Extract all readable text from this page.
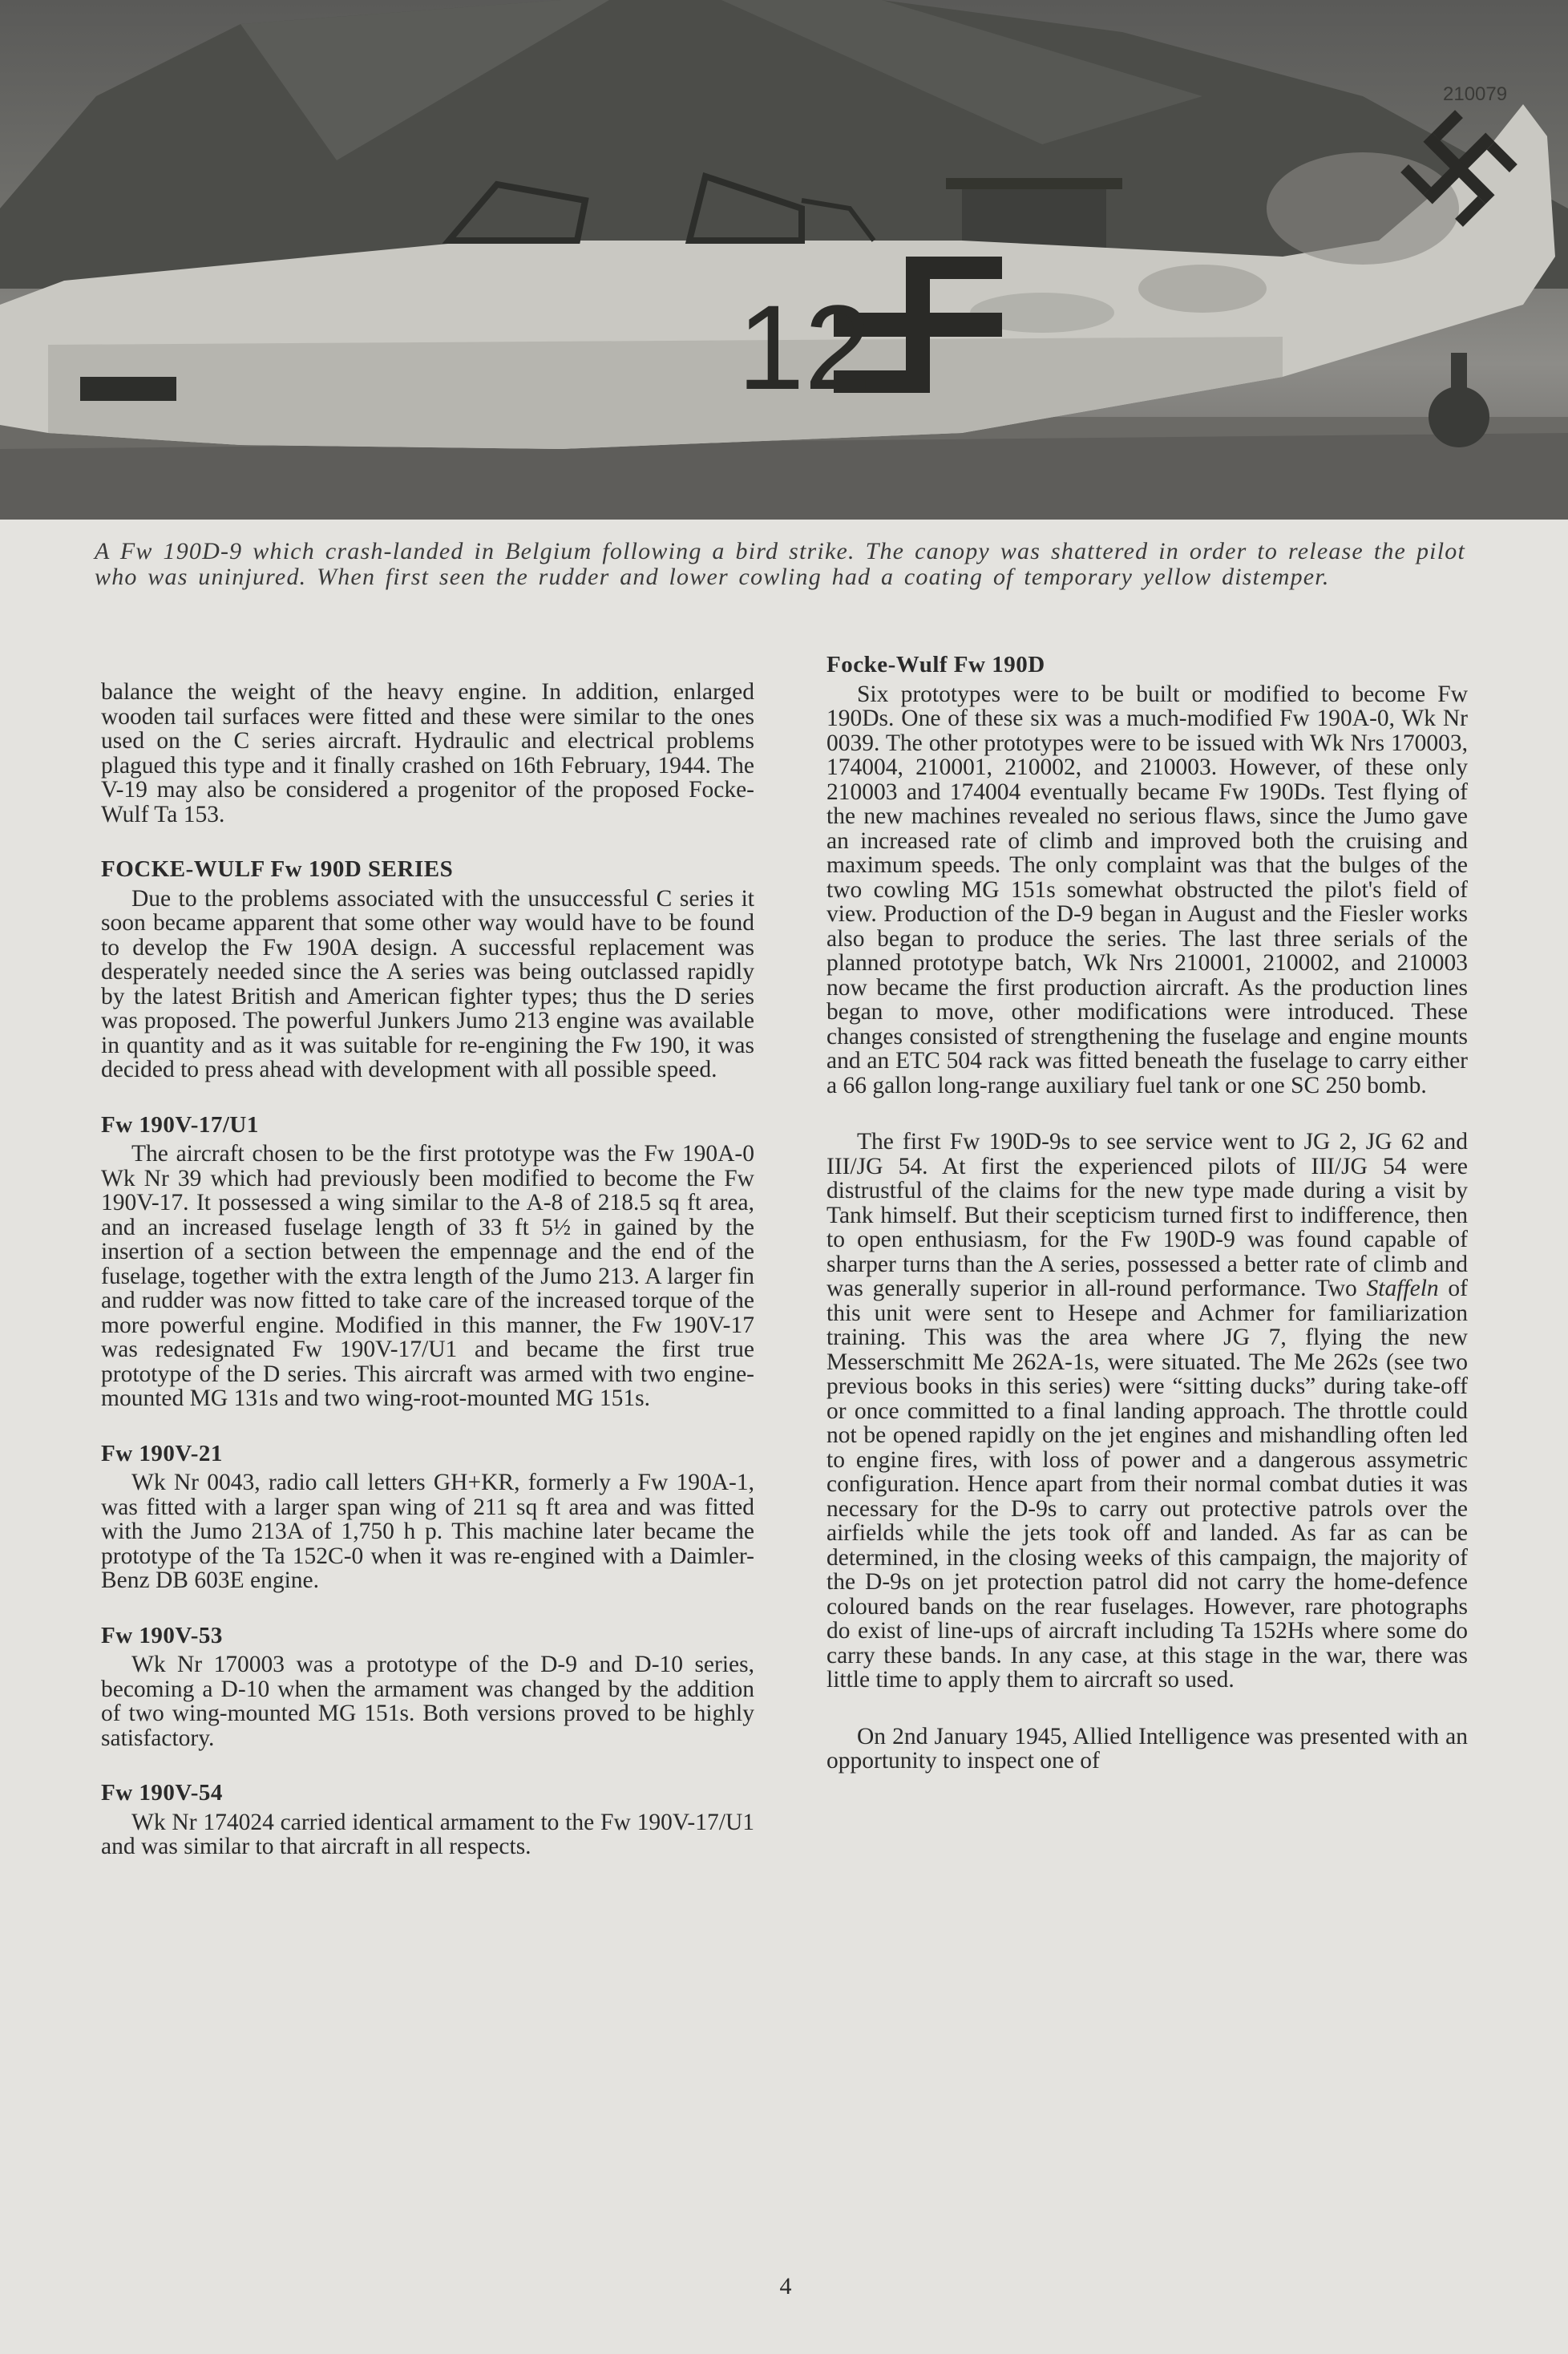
12
210079
A Fw 190D-9 which crash-landed in Belgium following a bird strike. The canopy was shattered in order to release the pilot who was uninjured. When first seen the rudder and lower cowling had a coating of temporary yellow distemper.

balance the weight of the heavy engine. In addition, enlarged wooden tail surfaces were fitted and these were similar to the ones used on the C series aircraft. Hydraulic and electrical problems plagued this type and it finally crashed on 16th February, 1944. The V-19 may also be considered a progenitor of the proposed Focke-Wulf Ta 153.

FOCKE-WULF Fw 190D SERIES

Due to the problems associated with the unsuccessful C series it soon became apparent that some other way would have to be found to develop the Fw 190A design. A successful replacement was desperately needed since the A series was being outclassed rapidly by the latest British and American fighter types; thus the D series was proposed. The powerful Junkers Jumo 213 engine was available in quantity and as it was suitable for re-engining the Fw 190, it was decided to press ahead with development with all possible speed.

Fw 190V-17/U1

The aircraft chosen to be the first prototype was the Fw 190A-0 Wk Nr 39 which had previously been modified to become the Fw 190V-17. It possessed a wing similar to the A-8 of 218.5 sq ft area, and an increased fuselage length of 33 ft 5½ in gained by the insertion of a section between the empennage and the end of the fuselage, together with the extra length of the Jumo 213. A larger fin and rudder was now fitted to take care of the increased torque of the more powerful engine. Modified in this manner, the Fw 190V-17 was redesignated Fw 190V-17/U1 and became the first true prototype of the D series. This aircraft was armed with two engine-mounted MG 131s and two wing-root-mounted MG 151s.

Fw 190V-21

Wk Nr 0043, radio call letters GH+KR, formerly a Fw 190A-1, was fitted with a larger span wing of 211 sq ft area and was fitted with the Jumo 213A of 1,750 h p. This machine later became the prototype of the Ta 152C-0 when it was re-engined with a Daimler-Benz DB 603E engine.

Fw 190V-53

Wk Nr 170003 was a prototype of the D-9 and D-10 series, becoming a D-10 when the armament was changed by the addition of two wing-mounted MG 151s. Both versions proved to be highly satisfactory.

Fw 190V-54

Wk Nr 174024 carried identical armament to the Fw 190V-17/U1 and was similar to that aircraft in all respects.

Focke-Wulf Fw 190D

Six prototypes were to be built or modified to become Fw 190Ds. One of these six was a much-modified Fw 190A-0, Wk Nr 0039. The other prototypes were to be issued with Wk Nrs 170003, 174004, 210001, 210002, and 210003. However, of these only 210003 and 174004 eventually became Fw 190Ds. Test flying of the new machines revealed no serious flaws, since the Jumo gave an increased rate of climb and improved both the cruising and maximum speeds. The only complaint was that the bulges of the two cowling MG 151s somewhat obstructed the pilot's field of view. Production of the D-9 began in August and the Fiesler works also began to produce the series. The last three serials of the planned prototype batch, Wk Nrs 210001, 210002, and 210003 now became the first production aircraft. As the production lines began to move, other modifications were introduced. These changes consisted of strengthening the fuselage and engine mounts and an ETC 504 rack was fitted beneath the fuselage to carry either a 66 gallon long-range auxiliary fuel tank or one SC 250 bomb.

The first Fw 190D-9s to see service went to JG 2, JG 62 and III/JG 54. At first the experienced pilots of III/JG 54 were distrustful of the claims for the new type made during a visit by Tank himself. But their scepticism turned first to indifference, then to open enthusiasm, for the Fw 190D-9 was found capable of sharper turns than the A series, possessed a better rate of climb and was generally superior in all-round performance. Two Staffeln of this unit were sent to Hesepe and Achmer for familiarization training. This was the area where JG 7, flying the new Messerschmitt Me 262A-1s, were situated. The Me 262s (see two previous books in this series) were “sitting ducks” during take-off or once committed to a final landing approach. The throttle could not be opened rapidly on the jet engines and mishandling often led to engine fires, with loss of power and a dangerous assymetric configuration. Hence apart from their normal combat duties it was necessary for the D-9s to carry out protective patrols over the airfields while the jets took off and landed. As far as can be determined, in the closing weeks of this campaign, the majority of the D-9s on jet protection patrol did not carry the home-defence coloured bands on the rear fuselages. However, rare photographs do exist of line-ups of aircraft including Ta 152Hs where some do carry these bands. In any case, at this stage in the war, there was little time to apply them to aircraft so used.

On 2nd January 1945, Allied Intelligence was presented with an opportunity to inspect one of

4
